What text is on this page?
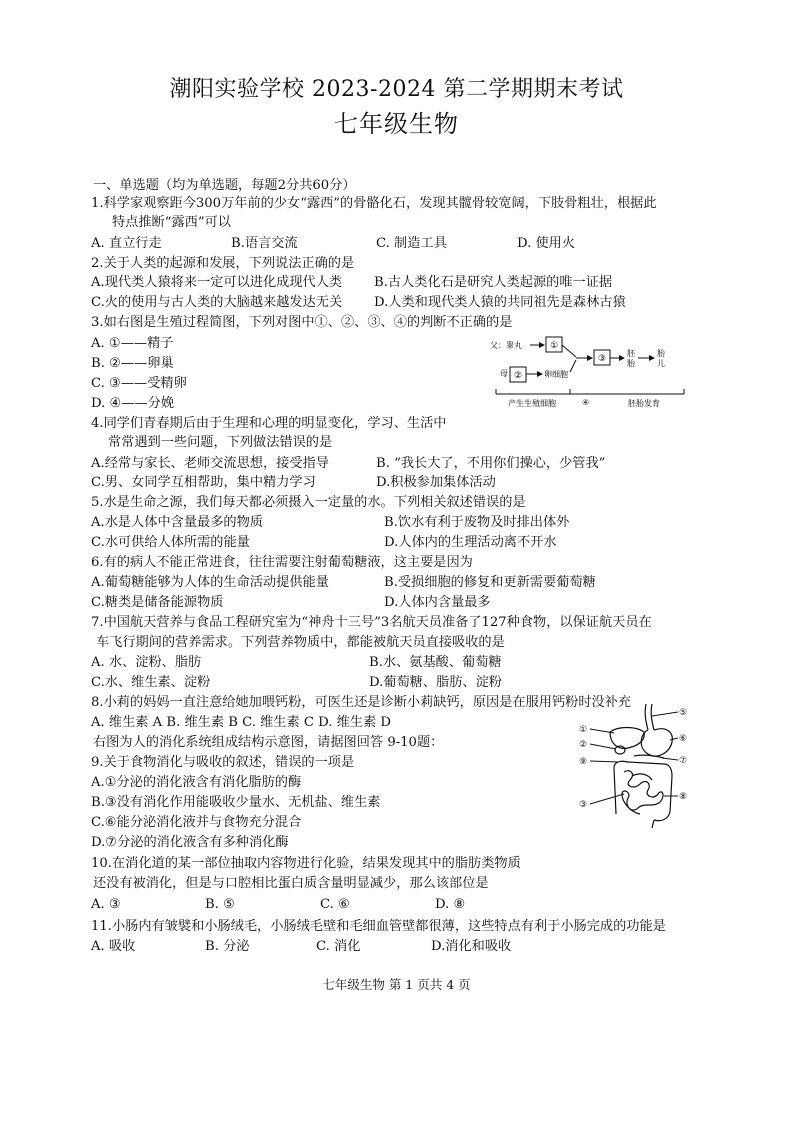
潮阳实验学校 2023-2024 第二学期期末考试
七年级生物
一、单选题（均为单选题，每题2分共60分）
1.科学家观察距今300万年前的少女“露西”的骨骼化石，发现其髋骨较宽阔，下肢骨粗壮，根据此
特点推断“露西”可以
A. 直立行走	B.语言交流	C. 制造工具	D. 使用火
2.关于人类的起源和发展，下列说法正确的是
A.现代类人猿将来一定可以进化成现代人类 B.古人类化石是研究人类起源的唯一证据
C.火的使用与古人类的大脑越来越发达无关 D.人类和现代类人猿的共同祖先是森林古猿
3.如右图是生殖过程简图，下列对图中①、②、③、④的判断不正确的是
A. ①——精子
B. ②——卵巢
C. ③——受精卵
D. ④——分娩
父：睾丸	①
母：
②	卵细胞
③
胚
胎
胎
儿
④
产生生殖细胞	胚胎发育
4.同学们青春期后由于生理和心理的明显变化，学习、生活中
常常遇到一些问题，下列做法错误的是
A.经常与家长、老师交流思想，接受指导	B. “我长大了，不用你们操心，少管我”
C.男、女同学互相帮助，集中精力学习	D.积极参加集体活动
5.水是生命之源，我们每天都必须摄入一定量的水。下列相关叙述错误的是
A.水是人体中含量最多的物质	B.饮水有利于废物及时排出体外
C.水可供给人体所需的能量	D.人体内的生理活动离不开水
6.有的病人不能正常进食，往往需要注射葡萄糖液，这主要是因为
A.葡萄糖能够为人体的生命活动提供能量	B.受损细胞的修复和更新需要葡萄糖
C.糖类是储备能源物质	D.人体内含量最多
7.中国航天营养与食品工程研究室为“神舟十三号”3名航天员准备了127种食物，以保证航天员在
车飞行期间的营养需求。下列营养物质中，都能被航天员直接吸收的是
A. 水、淀粉、脂肪	B.水、氨基酸、葡萄糖
C.水、维生素、淀粉	D.葡萄糖、脂肪、淀粉
8.小莉的妈妈一直注意给她加喂钙粉，可医生还是诊断小莉缺钙，原因是在服用钙粉时没补充
A. 维生素 A B. 维生素 B C. 维生素 C D. 维生素 D
右图为人的消化系统组成结构示意图，请据图回答 9-10题：
9.关于食物消化与吸收的叙述，错误的一项是
A.①分泌的消化液含有消化脂肪的酶
B.③没有消化作用能吸收少量水、无机盐、维生素
C.⑥能分泌消化液并与食物充分混合
D.⑦分泌的消化液含有多种消化酶
①
②
⑨
③
⑤
⑥
⑦
⑧
10.在消化道的某一部位抽取内容物进行化验，结果发现其中的脂肪类物质
还没有被消化，但是与口腔相比蛋白质含量明显减少，那么该部位是
A. ③	B. ⑤	C. ⑥	D. ⑧
11.小肠内有皱襞和小肠绒毛，小肠绒毛壁和毛细血管壁都很薄，这些特点有利于小肠完成的功能是
A. 吸收	B. 分泌	C. 消化	D.消化和吸收
七年级生物 第 1 页共 4 页
